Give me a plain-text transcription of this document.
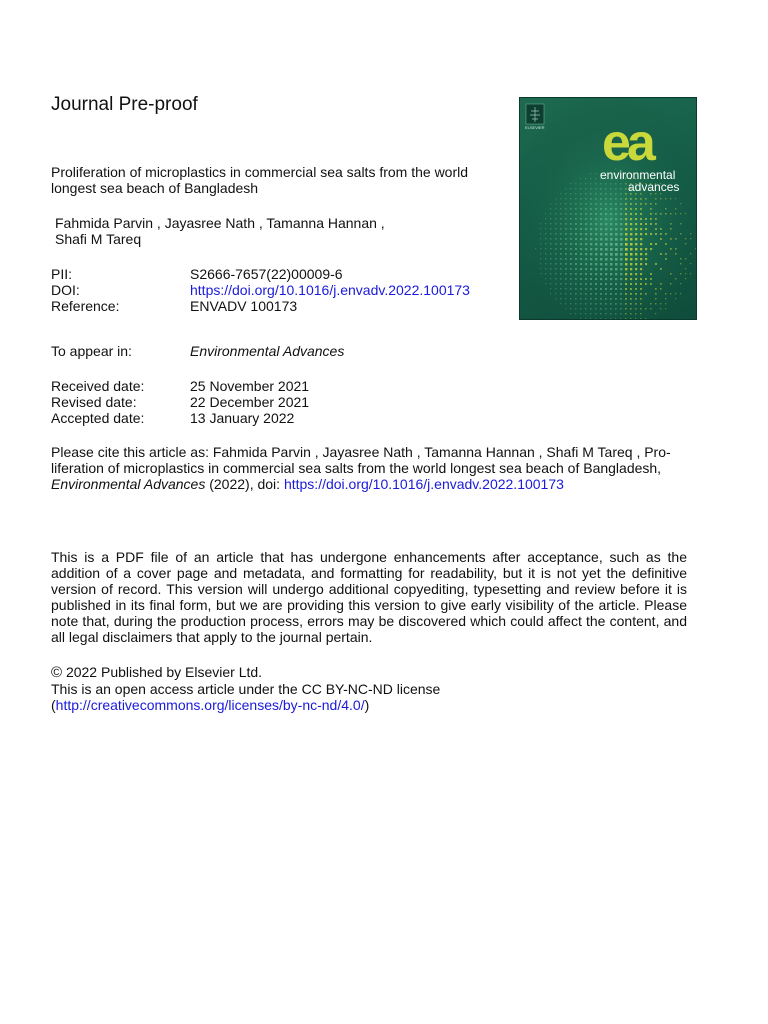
Journal Pre-proof
Proliferation of microplastics in commercial sea salts from the world
longest sea beach of Bangladesh
Fahmida Parvin , Jayasree Nath , Tamanna Hannan ,
Shafi M Tareq
PII:	S2666-7657(22)00009-6
DOI:	https://doi.org/10.1016/j.envadv.2022.100173
Reference:	ENVADV 100173
To appear in:	Environmental Advances
Received date:	25 November 2021
Revised date:	22 December 2021
Accepted date:	13 January 2022
Please cite this article as: Fahmida Parvin , Jayasree Nath , Tamanna Hannan , Shafi M Tareq , Pro-
liferation of microplastics in commercial sea salts from the world longest sea beach of Bangladesh,
Environmental Advances (2022), doi: https://doi.org/10.1016/j.envadv.2022.100173
This is a PDF file of an article that has undergone enhancements after acceptance, such as the addition of a cover page and metadata, and formatting for readability, but it is not yet the definitive version of record. This version will undergo additional copyediting, typesetting and review before it is published in its final form, but we are providing this version to give early visibility of the article. Please note that, during the production process, errors may be discovered which could affect the content, and all legal disclaimers that apply to the journal pertain.
© 2022 Published by Elsevier Ltd.
This is an open access article under the CC BY-NC-ND license
(http://creativecommons.org/licenses/by-nc-nd/4.0/)
ELSEVIER ea
environmental
advances
